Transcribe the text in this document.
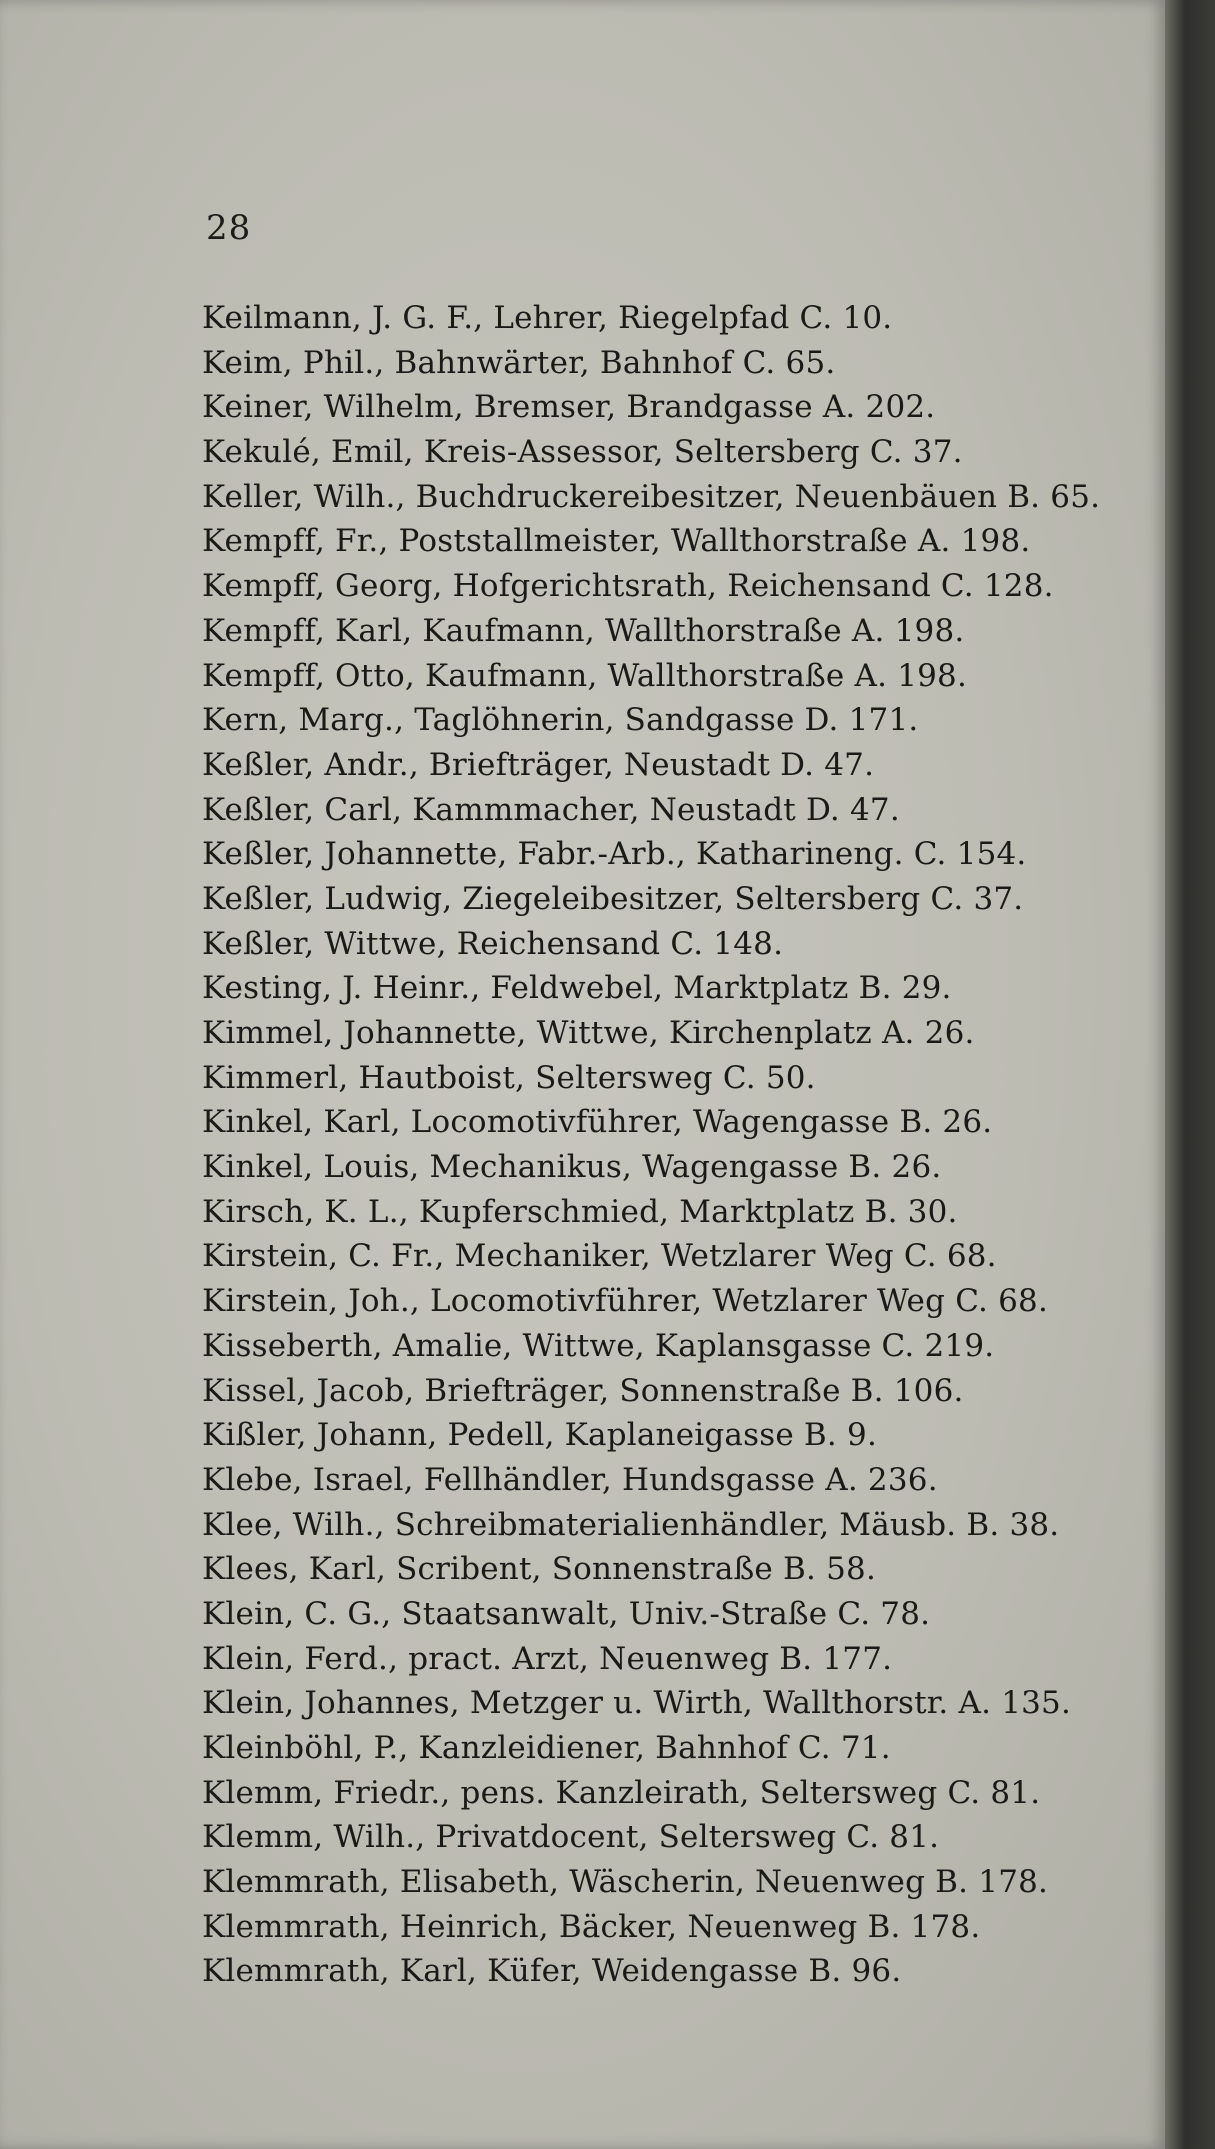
28
Keilmann, J. G. F., Lehrer, Riegelpfad C. 10.
Keim, Phil., Bahnwärter, Bahnhof C. 65.
Keiner, Wilhelm, Bremser, Brandgasse A. 202.
Kekulé, Emil, Kreis-Assessor, Seltersberg C. 37.
Keller, Wilh., Buchdruckereibesitzer, Neuenbäuen B. 65.
Kempff, Fr., Poststallmeister, Wallthorstraße A. 198.
Kempff, Georg, Hofgerichtsrath, Reichensand C. 128.
Kempff, Karl, Kaufmann, Wallthorstraße A. 198.
Kempff, Otto, Kaufmann, Wallthorstraße A. 198.
Kern, Marg., Taglöhnerin, Sandgasse D. 171.
Keßler, Andr., Briefträger, Neustadt D. 47.
Keßler, Carl, Kammmacher, Neustadt D. 47.
Keßler, Johannette, Fabr.-Arb., Katharineng. C. 154.
Keßler, Ludwig, Ziegeleibesitzer, Seltersberg C. 37.
Keßler, Wittwe, Reichensand C. 148.
Kesting, J. Heinr., Feldwebel, Marktplatz B. 29.
Kimmel, Johannette, Wittwe, Kirchenplatz A. 26.
Kimmerl, Hautboist, Seltersweg C. 50.
Kinkel, Karl, Locomotivführer, Wagengasse B. 26.
Kinkel, Louis, Mechanikus, Wagengasse B. 26.
Kirsch, K. L., Kupferschmied, Marktplatz B. 30.
Kirstein, C. Fr., Mechaniker, Wetzlarer Weg C. 68.
Kirstein, Joh., Locomotivführer, Wetzlarer Weg C. 68.
Kisseberth, Amalie, Wittwe, Kaplansgasse C. 219.
Kissel, Jacob, Briefträger, Sonnenstraße B. 106.
Kißler, Johann, Pedell, Kaplaneigasse B. 9.
Klebe, Israel, Fellhändler, Hundsgasse A. 236.
Klee, Wilh., Schreibmaterialienhändler, Mäusb. B. 38.
Klees, Karl, Scribent, Sonnenstraße B. 58.
Klein, C. G., Staatsanwalt, Univ.-Straße C. 78.
Klein, Ferd., pract. Arzt, Neuenweg B. 177.
Klein, Johannes, Metzger u. Wirth, Wallthorstr. A. 135.
Kleinböhl, P., Kanzleidiener, Bahnhof C. 71.
Klemm, Friedr., pens. Kanzleirath, Seltersweg C. 81.
Klemm, Wilh., Privatdocent, Seltersweg C. 81.
Klemmrath, Elisabeth, Wäscherin, Neuenweg B. 178.
Klemmrath, Heinrich, Bäcker, Neuenweg B. 178.
Klemmrath, Karl, Küfer, Weidengasse B. 96.
